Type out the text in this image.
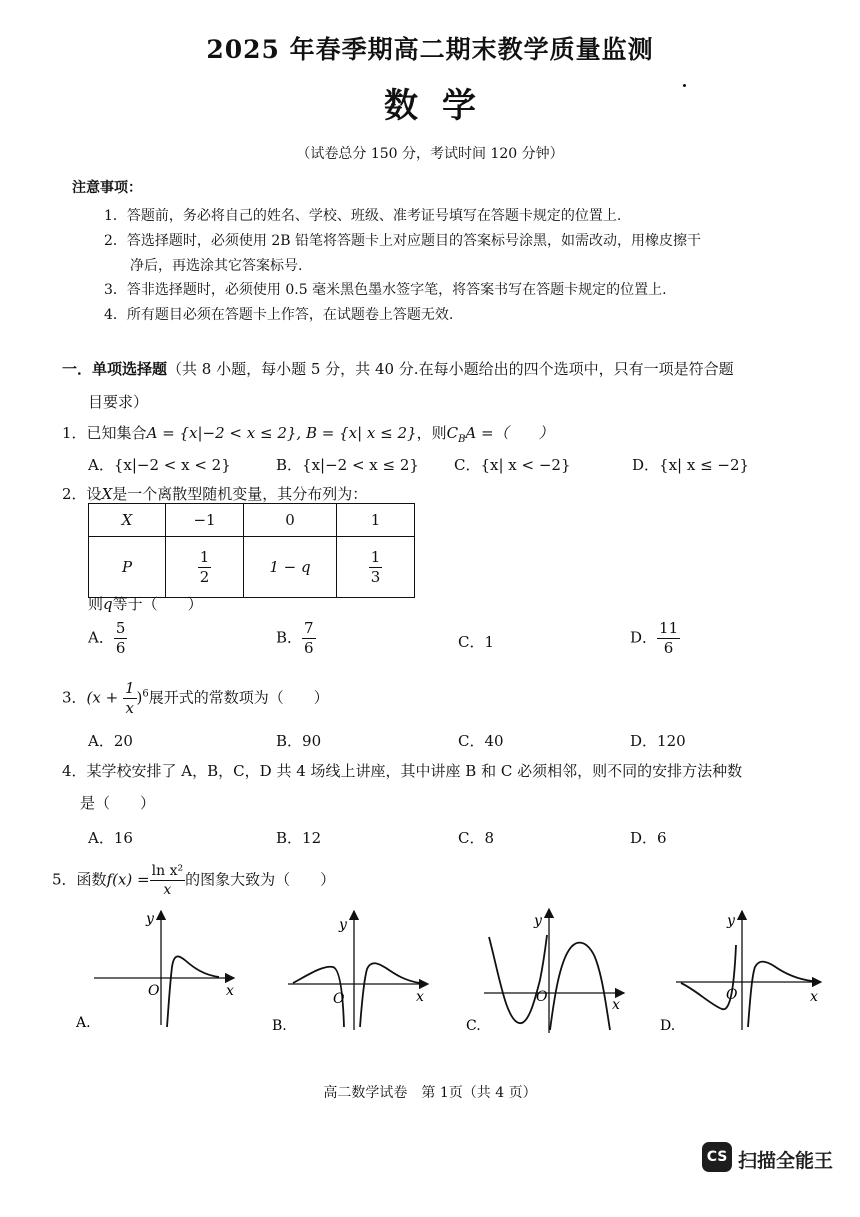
2025 年春季期高二期末教学质量监测
数学
（试卷总分 150 分，考试时间 120 分钟）
注意事项：
1．答题前，务必将自己的姓名、学校、班级、准考证号填写在答题卡规定的位置上.
2．答选择题时，必须使用 2B 铅笔将答题卡上对应题目的答案标号涂黑，如需改动，用橡皮擦干
净后，再选涂其它答案标号.
3．答非选择题时，必须使用 0.5 毫米黑色墨水签字笔，将答案书写在答题卡规定的位置上.
4．所有题目必须在答题卡上作答，在试题卷上答题无效.
一．单项选择题（共 8 小题，每小题 5 分，共 40 分.在每小题给出的四个选项中，只有一项是符合题
目要求）
1．已知集合A = {x|−2 < x ≤ 2}, B = {x| x ≤ 2}，则$C_BA$ =（　　）
A．{x|−2 < x < 2}	B．{x|−2 < x ≤ 2} C．{x| x < −2}	D．{x| x ≤ −2}
2．设X是一个离散型随机变量，其分布列为：
X	−1	0	1
P	$\frac{1}{2}$	1 − q	$\frac{1}{3}$
则q等于（　　）
A． $\frac{5}{6}$	B． $\frac{7}{6}$	C．1	D． $\frac{11}{6}$
3．$(x + \frac{1}{x} )^6$展开式的常数项为（　　）
A．20	B．90	C．40	D．120
4．某学校安排了 A，B，C，D 共 4 场线上讲座，其中讲座 B 和 C 必须相邻，则不同的安排方法种数
是（　　）
A．16	B．12	C．8	D．6
5．函数$f(x) = \frac{\text{ln x²}}{x}$ 的图象大致为（　　）
O	x
y
A.
O	x
y
B.
O	x
y
C.
O	x
y
D.
高二数学试卷　第 1页（共 4 页）
CS 扫描全能王
